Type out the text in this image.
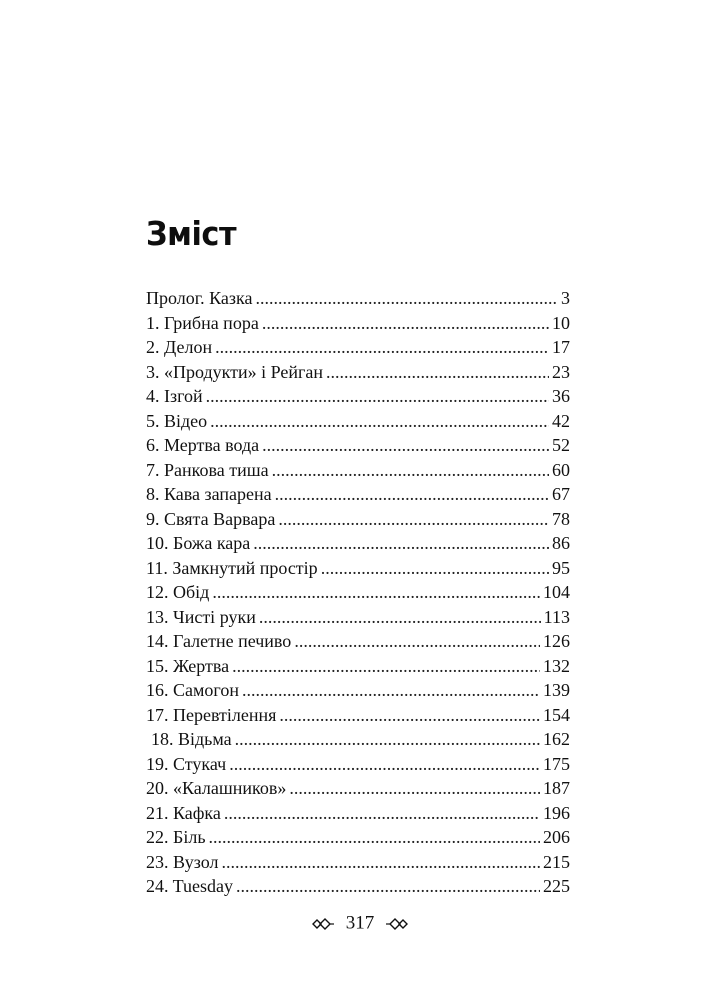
Зміст
Пролог. Казка .....	3
1. Грибна пора .....	10
2. Делон .....	17
3. «Продукти» і Рейган .....	23
4. Ізгой .....	36
5. Відео .....	42
6. Мертва вода .....	52
7. Ранкова тиша .....	60
8. Кава запарена .....	67
9. Свята Варвара .....	78
10. Божа кара .....	86
11. Замкнутий простір .....	95
12. Обід .....	104
13. Чисті руки .....	113
14. Галетне печиво .....	126
15. Жертва .....	132
16. Самогон .....	139
17. Перевтілення .....	154
18. Відьма .....	162
19. Стукач .....	175
20. «Калашников» .....	187
21. Кафка .....	196
22. Біль .....	206
23. Вузол .....	215
24. Tuesday .....	225
317
